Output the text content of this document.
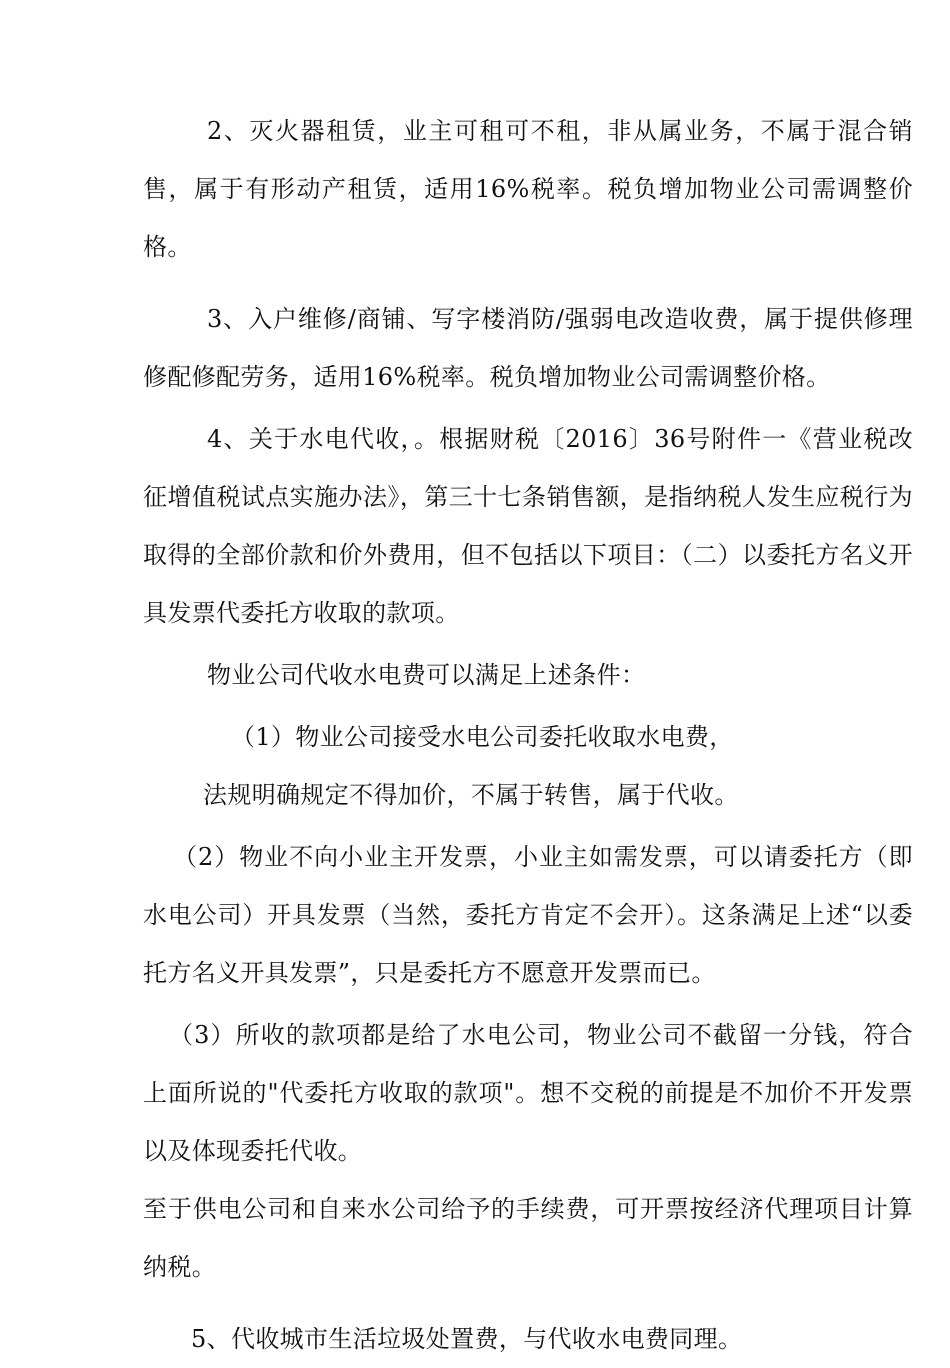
2、灭火器租赁，业主可租可不租，非从属业务，不属于混合销售，属于有形动产租赁，适用16%税率。税负增加物业公司需调整价格。

3、入户维修/商铺、写字楼消防/强弱电改造收费，属于提供修理修配修配劳务，适用16%税率。税负增加物业公司需调整价格。

4、关于水电代收，。根据财税〔2016〕36号附件一《营业税改征增值税试点实施办法》，第三十七条销售额，是指纳税人发生应税行为取得的全部价款和价外费用，但不包括以下项目：（二）以委托方名义开具发票代委托方收取的款项。

物业公司代收水电费可以满足上述条件：

（1）物业公司接受水电公司委托收取水电费，

法规明确规定不得加价，不属于转售，属于代收。

（2）物业不向小业主开发票，小业主如需发票，可以请委托方（即水电公司）开具发票（当然，委托方肯定不会开）。这条满足上述“以委托方名义开具发票”，只是委托方不愿意开发票而已。

（3）所收的款项都是给了水电公司，物业公司不截留一分钱，符合上面所说的"代委托方收取的款项"。想不交税的前提是不加价不开发票以及体现委托代收。

至于供电公司和自来水公司给予的手续费，可开票按经济代理项目计算纳税。

5、代收城市生活垃圾处置费，与代收水电费同理。
